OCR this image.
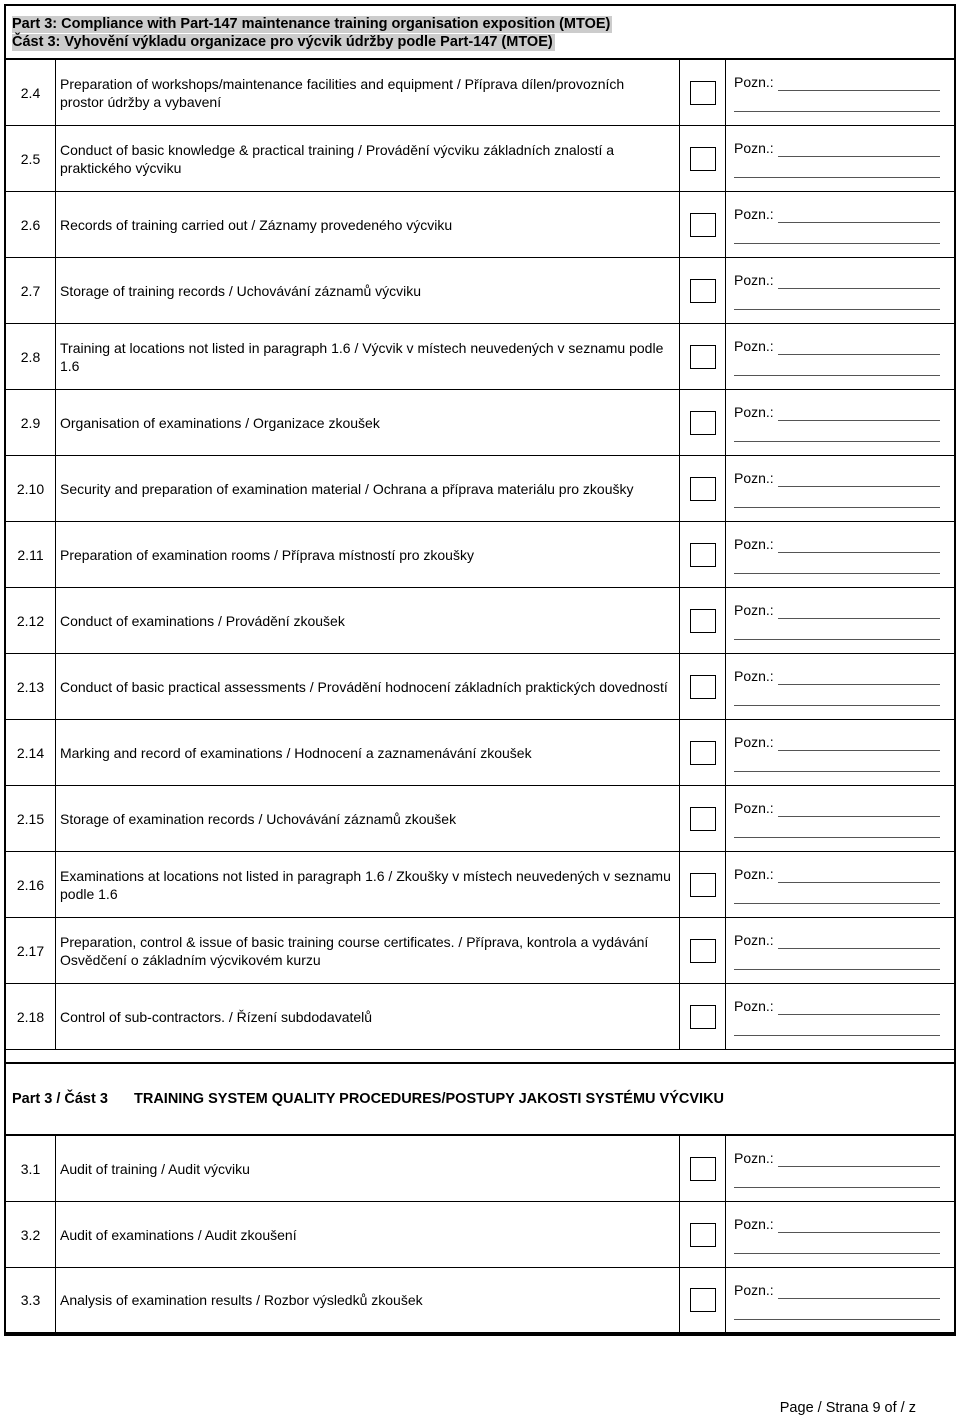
Part 3: Compliance with Part-147 maintenance training organisation exposition (MTOE)
Část 3: Vyhovění výkladu organizace pro výcvik údržby podle Part-147 (MTOE)
2.4
Preparation of workshops/maintenance facilities and equipment / Příprava dílen/provozních prostor údržby a vybavení
Pozn.:
2.5
Conduct of basic knowledge & practical training / Provádění výcviku základních znalostí a praktického výcviku
Pozn.:
2.6	Records of training carried out / Záznamy provedeného výcviku
Pozn.:
2.7	Storage of training records / Uchovávání záznamů výcviku
Pozn.:
2.8
Training at locations not listed in paragraph 1.6 / Výcvik v místech neuvedených v seznamu podle 1.6
Pozn.:
2.9	Organisation of examinations / Organizace zkoušek
Pozn.:
2.10	Security and preparation of examination material / Ochrana a příprava materiálu pro zkoušky
Pozn.:
2.11	Preparation of examination rooms / Příprava místností pro zkoušky
Pozn.:
2.12	Conduct of examinations / Provádění zkoušek
Pozn.:
2.13	Conduct of basic practical assessments / Provádění hodnocení základních praktických dovedností
Pozn.:
2.14	Marking and record of examinations / Hodnocení a zaznamenávání zkoušek
Pozn.:
2.15	Storage of examination records / Uchovávání záznamů zkoušek
Pozn.:
2.16
Examinations at locations not listed in paragraph 1.6 / Zkoušky v místech neuvedených v seznamu podle 1.6
Pozn.:
2.17
Preparation, control & issue of basic training course certificates. / Příprava, kontrola a vydávání Osvědčení o základním výcvikovém kurzu
Pozn.:
2.18	Control of sub-contractors. / Řízení subdodavatelů
Pozn.:
Part 3 / Část 3	TRAINING SYSTEM QUALITY PROCEDURES/POSTUPY JAKOSTI SYSTÉMU VÝCVIKU
3.1	Audit of training / Audit výcviku
Pozn.:
3.2	Audit of examinations / Audit zkoušení
Pozn.:
3.3	Analysis of examination results / Rozbor výsledků zkoušek
Pozn.:
Page / Strana 9 of / z
